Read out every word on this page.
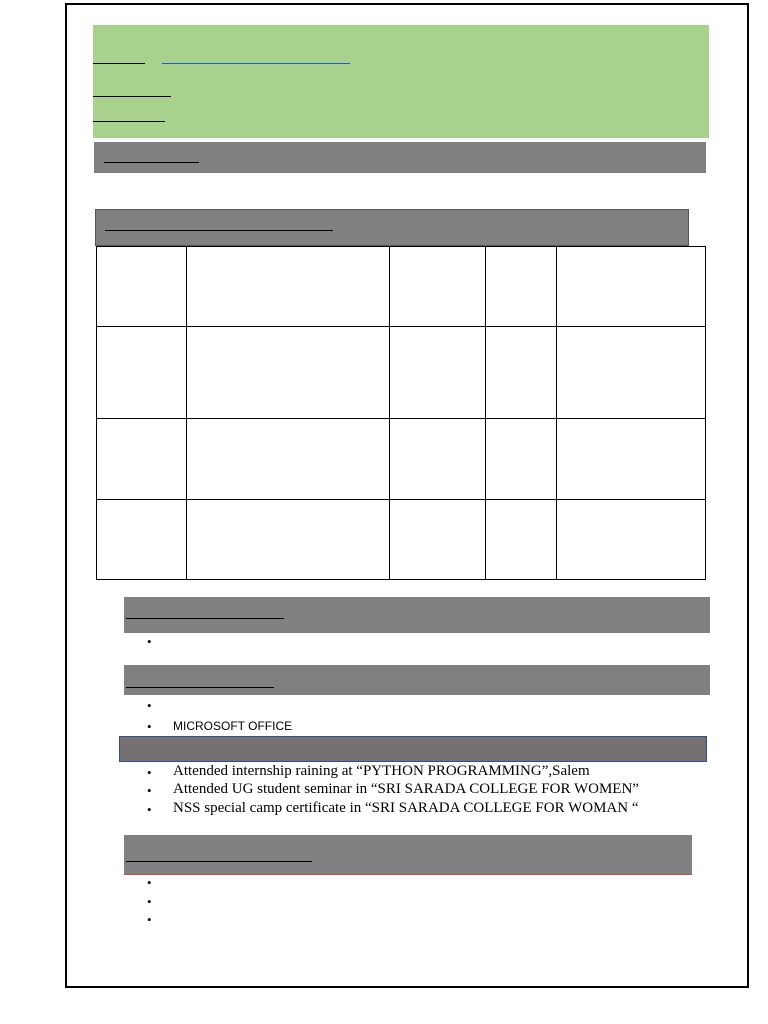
•
•
• MICROSOFT OFFICE
• Attended internship raining at “PYTHON PROGRAMMING”,Salem
• Attended UG student seminar in “SRI SARADA COLLEGE FOR WOMEN”
• NSS special camp certificate in “SRI SARADA COLLEGE FOR WOMAN “
•
•
•
